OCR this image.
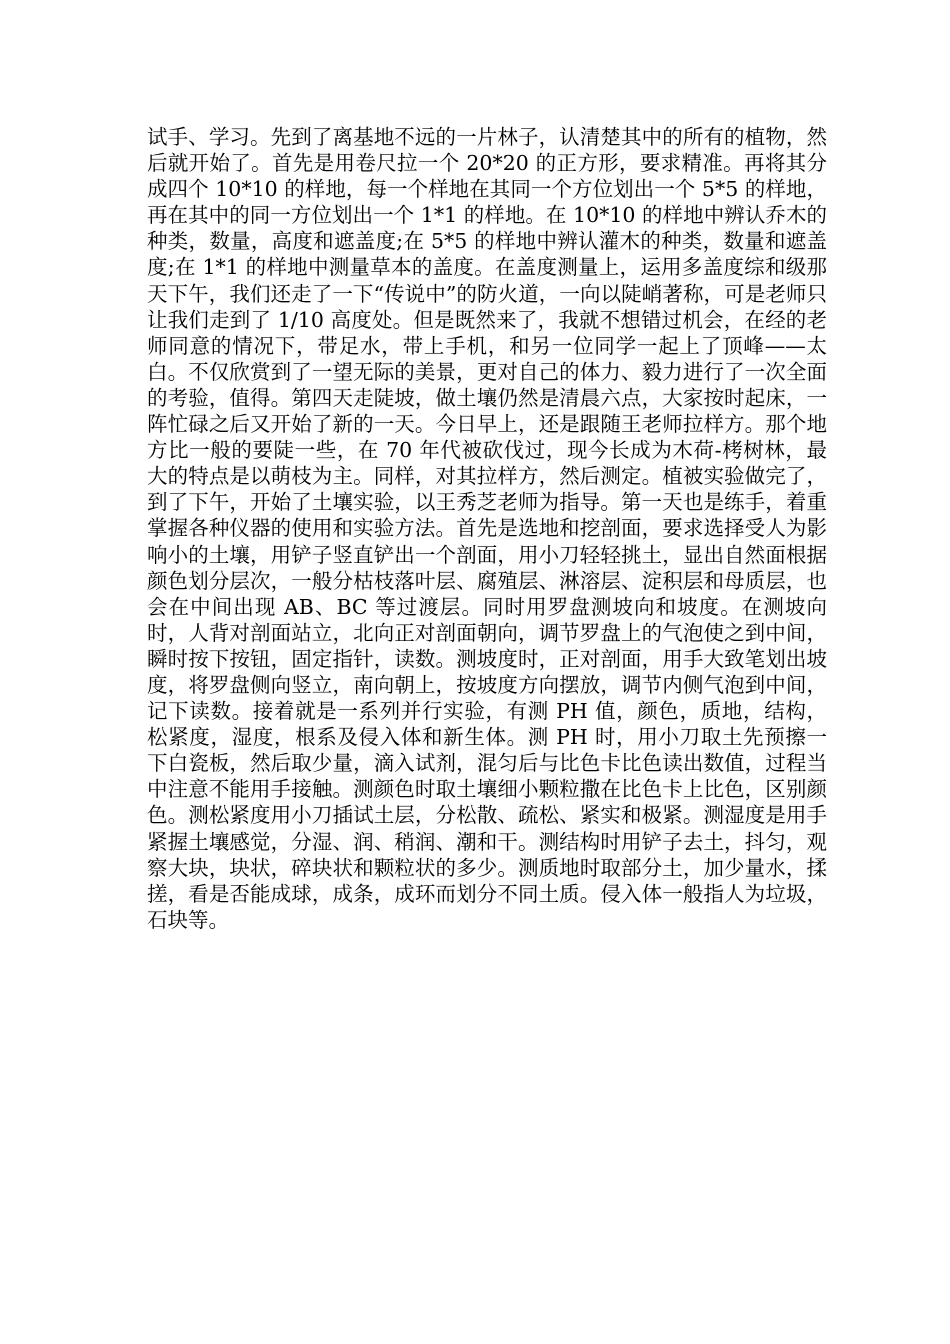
试手、学习。先到了离基地不远的一片林子，认清楚其中的所有的植物，然后就开始了。首先是用卷尺拉一个 20*20 的正方形，要求精准。再将其分成四个 10*10 的样地，每一个样地在其同一个方位划出一个 5*5 的样地，再在其中的同一方位划出一个 1*1 的样地。在 10*10 的样地中辨认乔木的种类，数量，高度和遮盖度;在 5*5 的样地中辨认灌木的种类，数量和遮盖度;在 1*1 的样地中测量草本的盖度。在盖度测量上，运用多盖度综和级那天下午，我们还走了一下“传说中”的防火道，一向以陡峭著称，可是老师只让我们走到了 1/10 高度处。但是既然来了，我就不想错过机会，在经的老师同意的情况下，带足水，带上手机，和另一位同学一起上了顶峰——太白。不仅欣赏到了一望无际的美景，更对自己的体力、毅力进行了一次全面的考验，值得。第四天走陡坡，做土壤仍然是清晨六点，大家按时起床，一阵忙碌之后又开始了新的一天。今日早上，还是跟随王老师拉样方。那个地方比一般的要陡一些，在 70 年代被砍伐过，现今长成为木荷-栲树林，最大的特点是以萌枝为主。同样，对其拉样方，然后测定。植被实验做完了，到了下午，开始了土壤实验，以王秀芝老师为指导。第一天也是练手，着重掌握各种仪器的使用和实验方法。首先是选地和挖剖面，要求选择受人为影响小的土壤，用铲子竖直铲出一个剖面，用小刀轻轻挑土，显出自然面根据颜色划分层次，一般分枯枝落叶层、腐殖层、淋溶层、淀积层和母质层，也会在中间出现 AB、BC 等过渡层。同时用罗盘测坡向和坡度。在测坡向时，人背对剖面站立，北向正对剖面朝向，调节罗盘上的气泡使之到中间，瞬时按下按钮，固定指针，读数。测坡度时，正对剖面，用手大致笔划出坡度，将罗盘侧向竖立，南向朝上，按坡度方向摆放，调节内侧气泡到中间，记下读数。接着就是一系列并行实验，有测 PH 值，颜色，质地，结构，松紧度，湿度，根系及侵入体和新生体。测 PH 时，用小刀取土先预擦一下白瓷板，然后取少量，滴入试剂，混匀后与比色卡比色读出数值，过程当中注意不能用手接触。测颜色时取土壤细小颗粒撒在比色卡上比色，区别颜色。测松紧度用小刀插试土层，分松散、疏松、紧实和极紧。测湿度是用手紧握土壤感觉，分湿、润、稍润、潮和干。测结构时用铲子去土，抖匀，观察大块，块状，碎块状和颗粒状的多少。测质地时取部分土，加少量水，揉搓，看是否能成球，成条，成环而划分不同土质。侵入体一般指人为垃圾，石块等。
